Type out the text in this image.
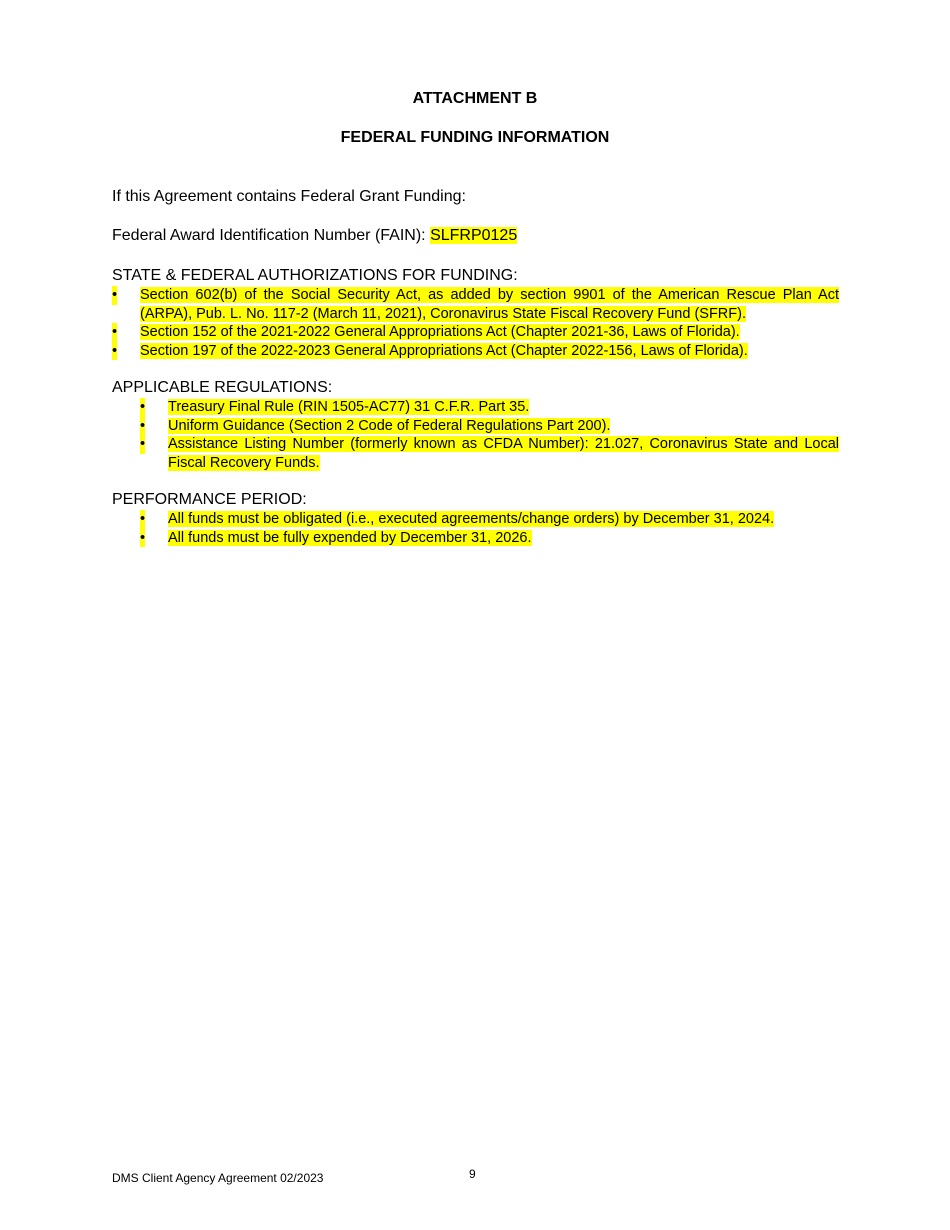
ATTACHMENT B
FEDERAL FUNDING INFORMATION
If this Agreement contains Federal Grant Funding:
Federal Award Identification Number (FAIN): SLFRP0125
STATE & FEDERAL AUTHORIZATIONS FOR FUNDING:
• Section 602(b) of the Social Security Act, as added by section 9901 of the American Rescue Plan Act (ARPA), Pub. L. No. 117-2 (March 11, 2021), Coronavirus State Fiscal Recovery Fund (SFRF).
• Section 152 of the 2021-2022 General Appropriations Act (Chapter 2021-36, Laws of Florida).
• Section 197 of the 2022-2023 General Appropriations Act (Chapter 2022-156, Laws of Florida).
APPLICABLE REGULATIONS:
• Treasury Final Rule (RIN 1505-AC77) 31 C.F.R. Part 35.
• Uniform Guidance (Section 2 Code of Federal Regulations Part 200).
• Assistance Listing Number (formerly known as CFDA Number): 21.027, Coronavirus State and Local Fiscal Recovery Funds.
PERFORMANCE PERIOD:
• All funds must be obligated (i.e., executed agreements/change orders) by December 31, 2024.
• All funds must be fully expended by December 31, 2026.
DMS Client Agency Agreement 02/2023	9
